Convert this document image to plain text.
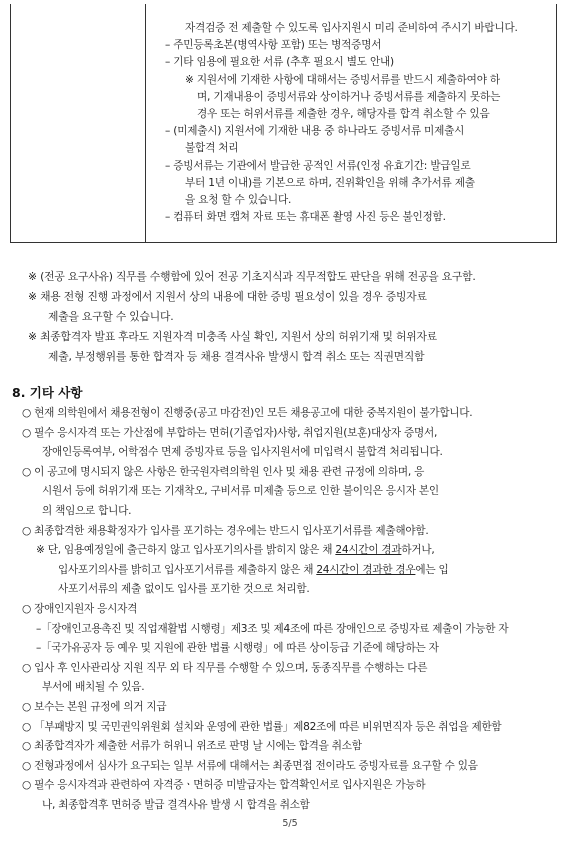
자격검증 전 제출할 수 있도록 입사지원시 미리 준비하여 주시기 바랍니다.
– 주민등록초본(병역사항 포함) 또는 병적증명서
– 기타 임용에 필요한 서류 (추후 필요시 별도 안내)
※ 지원서에 기재한 사항에 대해서는 증빙서류를 반드시 제출하여야 하
며, 기재내용이 증빙서류와 상이하거나 증빙서류를 제출하지 못하는
경우 또는 허위서류를 제출한 경우, 해당자를 합격 취소할 수 있음
– (미제출시) 지원서에 기재한 내용 중 하나라도 증빙서류 미제출시
불합격 처리
– 증빙서류는 기관에서 발급한 공적인 서류(인정 유효기간: 발급일로
부터 1년 이내)를 기본으로 하며, 진위확인을 위해 추가서류 제출
을 요청 할 수 있습니다.
– 컴퓨터 화면 캡쳐 자료 또는 휴대폰 촬영 사진 등은 불인정함.
※ (전공 요구사유) 직무를 수행함에 있어 전공 기초지식과 직무적합도 판단을 위해 전공을 요구함.
※ 채용 전형 진행 과정에서 지원서 상의 내용에 대한 증빙 필요성이 있을 경우 증빙자료
제출을 요구할 수 있습니다.
※ 최종합격자 발표 후라도 지원자격 미충족 사실 확인, 지원서 상의 허위기재 및 허위자료
제출, 부정행위를 통한 합격자 등 채용 결격사유 발생시 합격 취소 또는 직권면직함
8. 기타 사항
○ 현재 의학원에서 채용전형이 진행중(공고 마감전)인 모든 채용공고에 대한 중복지원이 불가합니다.
○ 필수 응시자격 또는 가산점에 부합하는 면허(기졸업자)사항, 취업지원(보훈)대상자 증명서,
장애인등록여부, 어학점수 면제 증빙자료 등을 입사지원서에 미입력시 불합격 처리됩니다.
○ 이 공고에 명시되지 않은 사항은 한국원자력의학원 인사 및 채용 관련 규정에 의하며, 응
시원서 등에 허위기재 또는 기재착오, 구비서류 미제출 등으로 인한 불이익은 응시자 본인
의 책임으로 합니다.
○ 최종합격한 채용확정자가 입사를 포기하는 경우에는 반드시 입사포기서류를 제출해야함.
※ 단, 임용예정일에 출근하지 않고 입사포기의사를 밝히지 않은 채 24시간이 경과하거나,
입사포기의사를 밝히고 입사포기서류를 제출하지 않은 채 24시간이 경과한 경우에는 입
사포기서류의 제출 없이도 입사를 포기한 것으로 처리함.
○ 장애인지원자 응시자격
–「장애인고용촉진 및 직업재활법 시행령」제3조 및 제4조에 따른 장애인으로 증빙자료 제출이 가능한 자
–「국가유공자 등 예우 및 지원에 관한 법률 시행령」에 따른 상이등급 기준에 해당하는 자
○ 입사 후 인사관리상 지원 직무 외 타 직무를 수행할 수 있으며, 동종직무를 수행하는 다른
부서에 배치될 수 있음.
○ 보수는 본원 규정에 의거 지급
○ 「부패방지 및 국민권익위원회 설치와 운영에 관한 법률」제82조에 따른 비위면직자 등은 취업을 제한함
○ 최종합격자가 제출한 서류가 허위니 위조로 판명 날 시에는 합격을 취소함
○ 전형과정에서 심사가 요구되는 일부 서류에 대해서는 최종면접 전이라도 증빙자료를 요구할 수 있음
○ 필수 응시자격과 관련하여 자격증ㆍ면허증 미발급자는 합격확인서로 입사지원은 가능하
나, 최종합격후 면허증 발급 결격사유 발생 시 합격을 취소함
5/5
